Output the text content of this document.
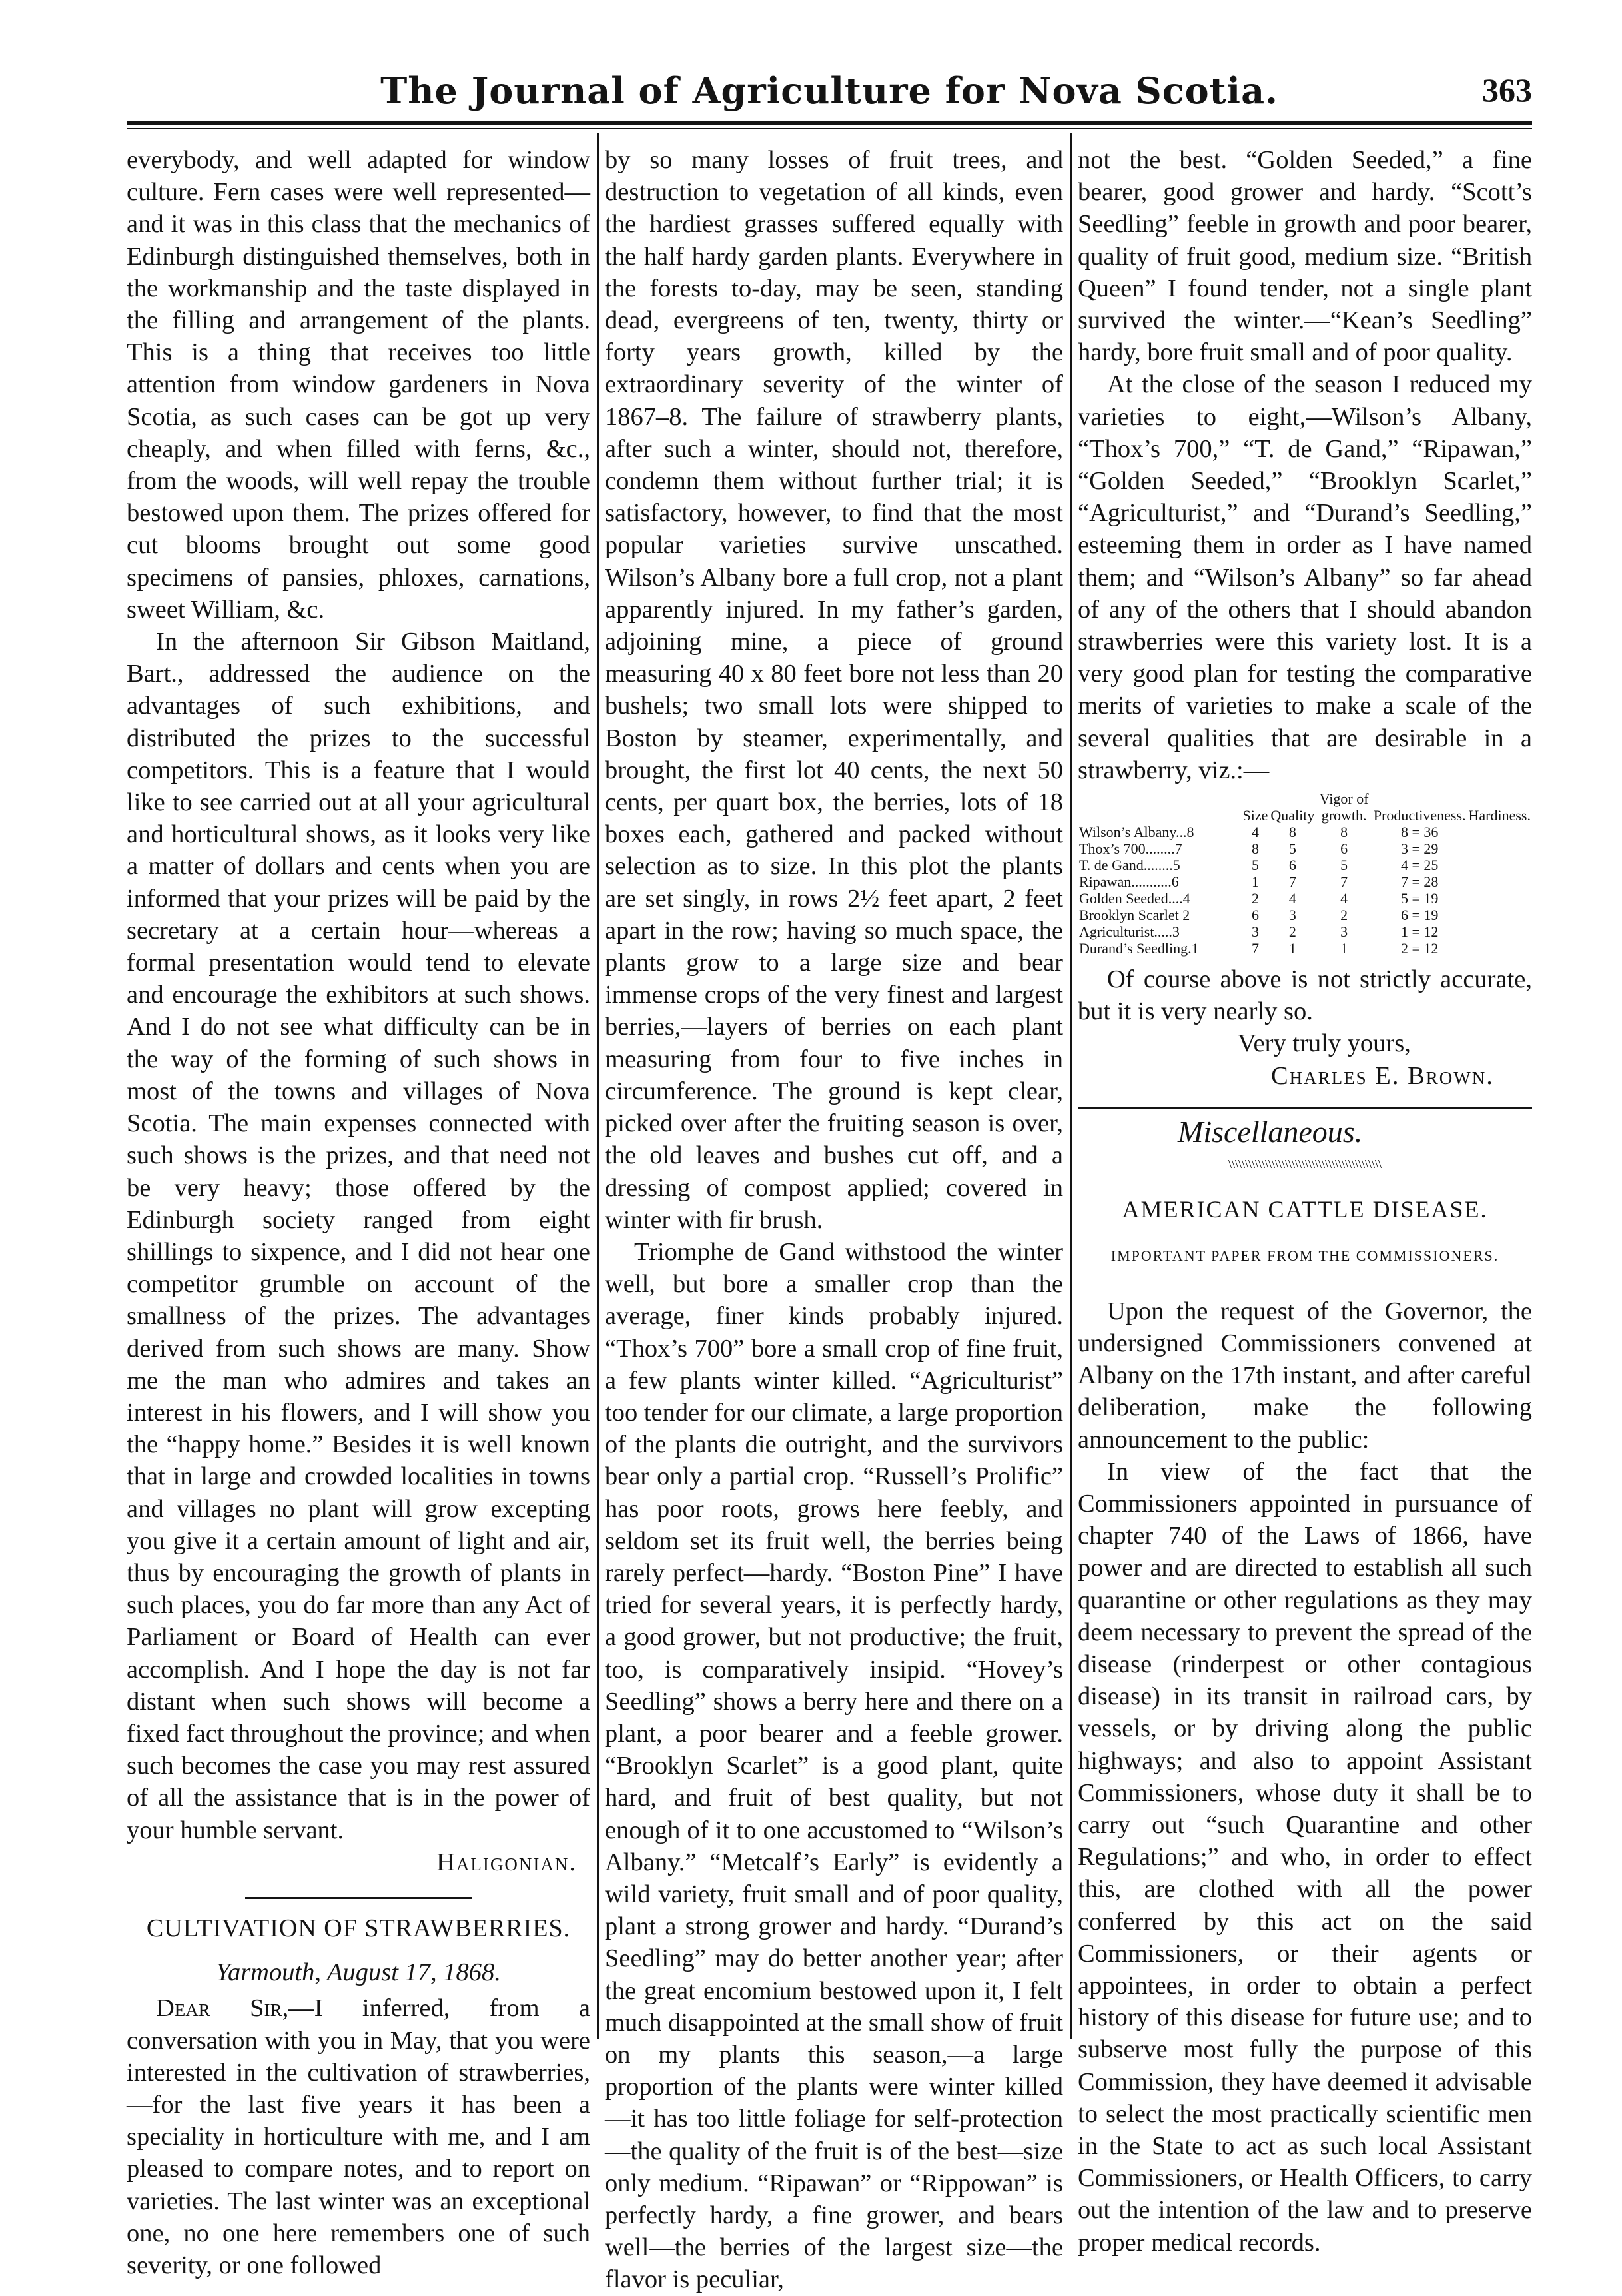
The Journal of Agriculture for Nova Scotia.	363

everybody, and well adapted for window culture. Fern cases were well represented—and it was in this class that the mechanics of Edinburgh distinguished themselves, both in the workmanship and the taste displayed in the filling and arrangement of the plants. This is a thing that receives too little attention from window gardeners in Nova Scotia, as such cases can be got up very cheaply, and when filled with ferns, &c., from the woods, will well repay the trouble bestowed upon them. The prizes offered for cut blooms brought out some good specimens of pansies, phloxes, carnations, sweet William, &c.

In the afternoon Sir Gibson Maitland, Bart., addressed the audience on the advantages of such exhibitions, and distributed the prizes to the successful competitors. This is a feature that I would like to see carried out at all your agricultural and horticultural shows, as it looks very like a matter of dollars and cents when you are informed that your prizes will be paid by the secretary at a certain hour—whereas a formal presentation would tend to elevate and encourage the exhibitors at such shows. And I do not see what difficulty can be in the way of the forming of such shows in most of the towns and villages of Nova Scotia. The main expenses connected with such shows is the prizes, and that need not be very heavy; those offered by the Edinburgh society ranged from eight shillings to sixpence, and I did not hear one competitor grumble on account of the smallness of the prizes. The advantages derived from such shows are many. Show me the man who admires and takes an interest in his flowers, and I will show you the “happy home.” Besides it is well known that in large and crowded localities in towns and villages no plant will grow excepting you give it a certain amount of light and air, thus by encouraging the growth of plants in such places, you do far more than any Act of Parliament or Board of Health can ever accomplish. And I hope the day is not far distant when such shows will become a fixed fact throughout the province; and when such becomes the case you may rest assured of all the assistance that is in the power of your humble servant.

Haligonian.
CULTIVATION OF STRAWBERRIES.
Yarmouth, August 17, 1868.

Dear Sir,—I inferred, from a conversation with you in May, that you were interested in the cultivation of strawberries,—for the last five years it has been a speciality in horticulture with me, and I am pleased to compare notes, and to report on varieties. The last winter was an exceptional one, no one here remembers one of such severity, or one followed

by so many losses of fruit trees, and destruction to vegetation of all kinds, even the hardiest grasses suffered equally with the half hardy garden plants. Everywhere in the forests to-day, may be seen, standing dead, evergreens of ten, twenty, thirty or forty years growth, killed by the extraordinary severity of the winter of 1867–8. The failure of strawberry plants, after such a winter, should not, therefore, condemn them without further trial; it is satisfactory, however, to find that the most popular varieties survive unscathed. Wilson’s Albany bore a full crop, not a plant apparently injured. In my father’s garden, adjoining mine, a piece of ground measuring 40 x 80 feet bore not less than 20 bushels; two small lots were shipped to Boston by steamer, experimentally, and brought, the first lot 40 cents, the next 50 cents, per quart box, the berries, lots of 18 boxes each, gathered and packed without selection as to size. In this plot the plants are set singly, in rows 2½ feet apart, 2 feet apart in the row; having so much space, the plants grow to a large size and bear immense crops of the very finest and largest berries,—layers of berries on each plant measuring from four to five inches in circumference. The ground is kept clear, picked over after the fruiting season is over, the old leaves and bushes cut off, and a dressing of compost applied; covered in winter with fir brush.

Triomphe de Gand withstood the winter well, but bore a smaller crop than the average, finer kinds probably injured. “Thox’s 700” bore a small crop of fine fruit, a few plants winter killed. “Agriculturist” too tender for our climate, a large proportion of the plants die outright, and the survivors bear only a partial crop. “Russell’s Prolific” has poor roots, grows here feebly, and seldom set its fruit well, the berries being rarely perfect—hardy. “Boston Pine” I have tried for several years, it is perfectly hardy, a good grower, but not productive; the fruit, too, is comparatively insipid. “Hovey’s Seedling” shows a berry here and there on a plant, a poor bearer and a feeble grower. “Brooklyn Scarlet” is a good plant, quite hard, and fruit of best quality, but not enough of it to one accustomed to “Wilson’s Albany.” “Metcalf’s Early” is evidently a wild variety, fruit small and of poor quality, plant a strong grower and hardy. “Durand’s Seedling” may do better another year; after the great encomium bestowed upon it, I felt much disappointed at the small show of fruit on my plants this season,—a large proportion of the plants were winter killed—it has too little foliage for self-protection—the quality of the fruit is of the best—size only medium. “Ripawan” or “Rippowan” is perfectly hardy, a fine grower, and bears well—the berries of the largest size—the flavor is peculiar,

not the best. “Golden Seeded,” a fine bearer, good grower and hardy. “Scott’s Seedling” feeble in growth and poor bearer, quality of fruit good, medium size. “British Queen” I found tender, not a single plant survived the winter.—“Kean’s Seedling” hardy, bore fruit small and of poor quality.

At the close of the season I reduced my varieties to eight,—Wilson’s Albany, “Thox’s 700,” “T. de Gand,” “Ripawan,” “Golden Seeded,” “Brooklyn Scarlet,” “Agriculturist,” and “Durand’s Seedling,” esteeming them in order as I have named them; and “Wilson’s Albany” so far ahead of any of the others that I should abandon strawberries were this variety lost. It is a very good plan for testing the comparative merits of varieties to make a scale of the several qualities that are desirable in a strawberry, viz.:—

	Size	Quality	Vigor of growth.	Productiveness.	Hardiness.
Wilson’s Albany...8	4	8	8	8 = 36	
Thox’s 700........7	8	5	6	3 = 29	
T. de Gand........5	5	6	5	4 = 25	
Ripawan...........6	1	7	7	7 = 28	
Golden Seeded....4	2	4	4	5 = 19	
Brooklyn Scarlet 2	6	3	2	6 = 19	
Agriculturist.....3	3	2	3	1 = 12	
Durand’s Seedling.1	7	1	1	2 = 12	

Of course above is not strictly accurate, but it is very nearly so.

Very truly yours,
Charles E. Brown.
Miscellaneous.
\\\\\\\\\\\\\\\\\\\\\\\\\\\\\\\\\\\\\\\\\\\\\\
AMERICAN CATTLE DISEASE.
IMPORTANT PAPER FROM THE COMMISSIONERS.

Upon the request of the Governor, the undersigned Commissioners convened at Albany on the 17th instant, and after careful deliberation, make the following announcement to the public:

In view of the fact that the Commissioners appointed in pursuance of chapter 740 of the Laws of 1866, have power and are directed to establish all such quarantine or other regulations as they may deem necessary to prevent the spread of the disease (rinderpest or other contagious disease) in its transit in railroad cars, by vessels, or by driving along the public highways; and also to appoint Assistant Commissioners, whose duty it shall be to carry out “such Quarantine and other Regulations;” and who, in order to effect this, are clothed with all the power conferred by this act on the said Commissioners, or their agents or appointees, in order to obtain a perfect history of this disease for future use; and to subserve most fully the purpose of this Commission, they have deemed it advisable to select the most practically scientific men in the State to act as such local Assistant Commissioners, or Health Officers, to carry out the intention of the law and to preserve proper medical records.
